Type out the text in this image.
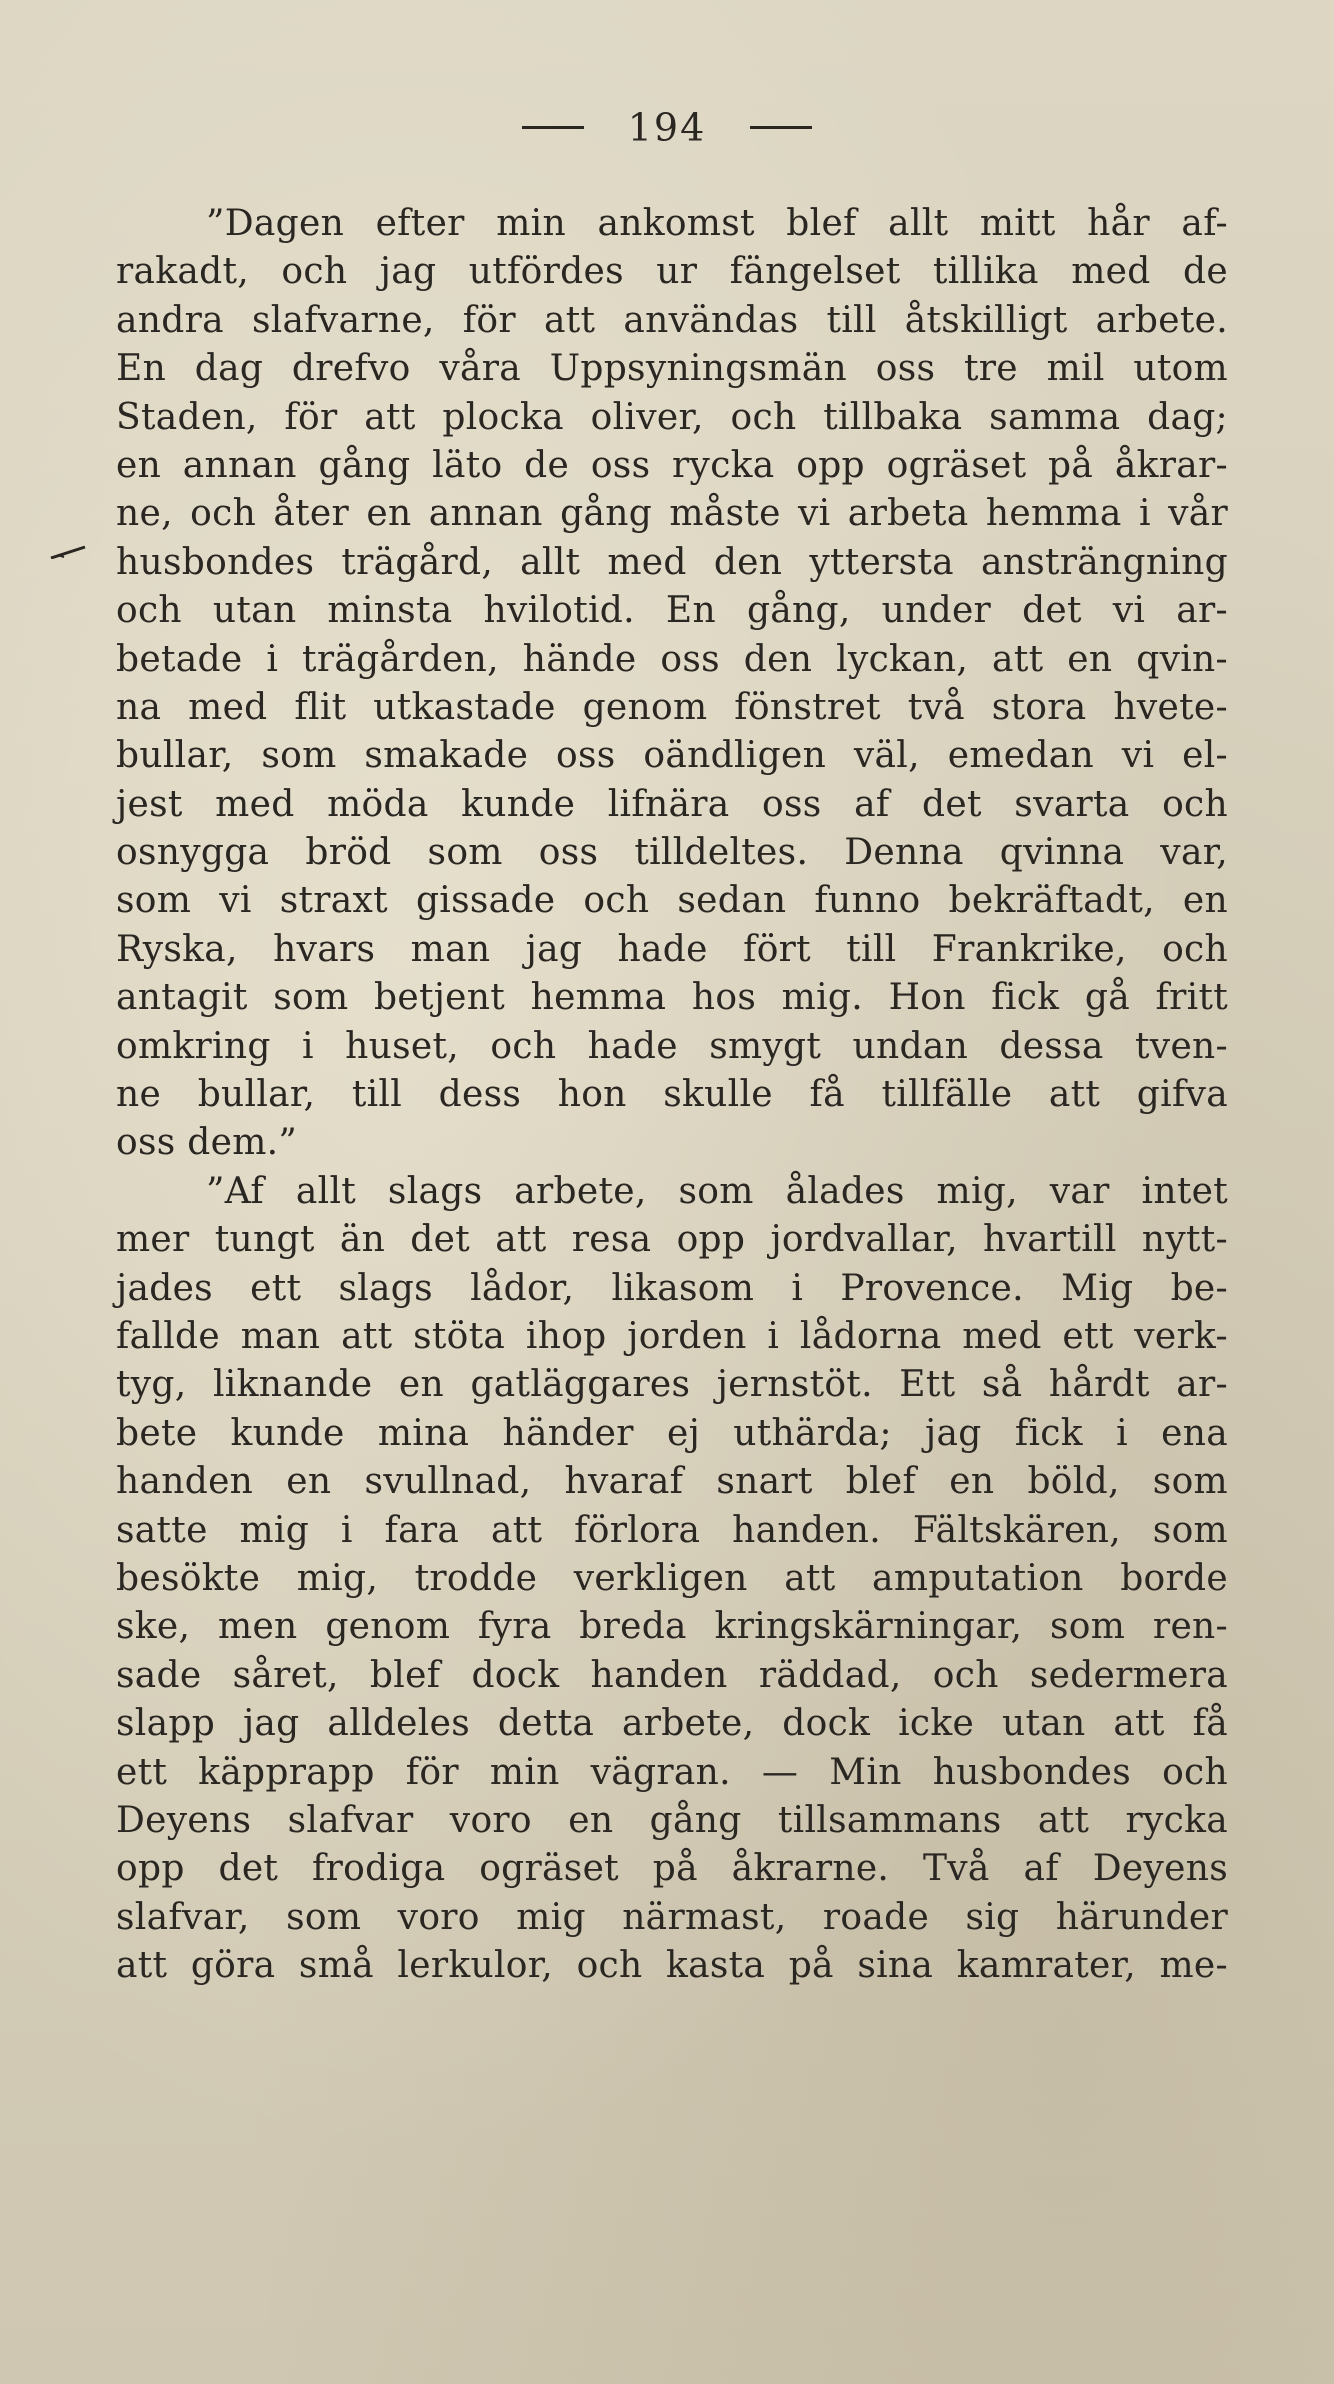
194
”Dagen efter min ankomst blef allt mitt hår af-
rakadt, och jag utfördes ur fängelset tillika med de
andra slafvarne, för att användas till åtskilligt arbete.
En dag drefvo våra Uppsyningsmän oss tre mil utom
Staden, för att plocka oliver, och tillbaka samma dag;
en annan gång läto de oss rycka opp ogräset på åkrar-
ne, och åter en annan gång måste vi arbeta hemma i vår
husbondes trägård, allt med den yttersta ansträngning
och utan minsta hvilotid. En gång, under det vi ar-
betade i trägården, hände oss den lyckan, att en qvin-
na med flit utkastade genom fönstret två stora hvete-
bullar, som smakade oss oändligen väl, emedan vi el-
jest med möda kunde lifnära oss af det svarta och
osnygga bröd som oss tilldeltes. Denna qvinna var,
som vi straxt gissade och sedan funno bekräftadt, en
Ryska, hvars man jag hade fört till Frankrike, och
antagit som betjent hemma hos mig. Hon fick gå fritt
omkring i huset, och hade smygt undan dessa tven-
ne bullar, till dess hon skulle få tillfälle att gifva
oss dem.”
”Af allt slags arbete, som ålades mig, var intet
mer tungt än det att resa opp jordvallar, hvartill nytt-
jades ett slags lådor, likasom i Provence. Mig be-
fallde man att stöta ihop jorden i lådorna med ett verk-
tyg, liknande en gatläggares jernstöt. Ett så hårdt ar-
bete kunde mina händer ej uthärda; jag fick i ena
handen en svullnad, hvaraf snart blef en böld, som
satte mig i fara att förlora handen. Fältskären, som
besökte mig, trodde verkligen att amputation borde
ske, men genom fyra breda kringskärningar, som ren-
sade såret, blef dock handen räddad, och sedermera
slapp jag alldeles detta arbete, dock icke utan att få
ett käpprapp för min vägran. — Min husbondes och
Deyens slafvar voro en gång tillsammans att rycka
opp det frodiga ogräset på åkrarne. Två af Deyens
slafvar, som voro mig närmast, roade sig härunder
att göra små lerkulor, och kasta på sina kamrater, me-
